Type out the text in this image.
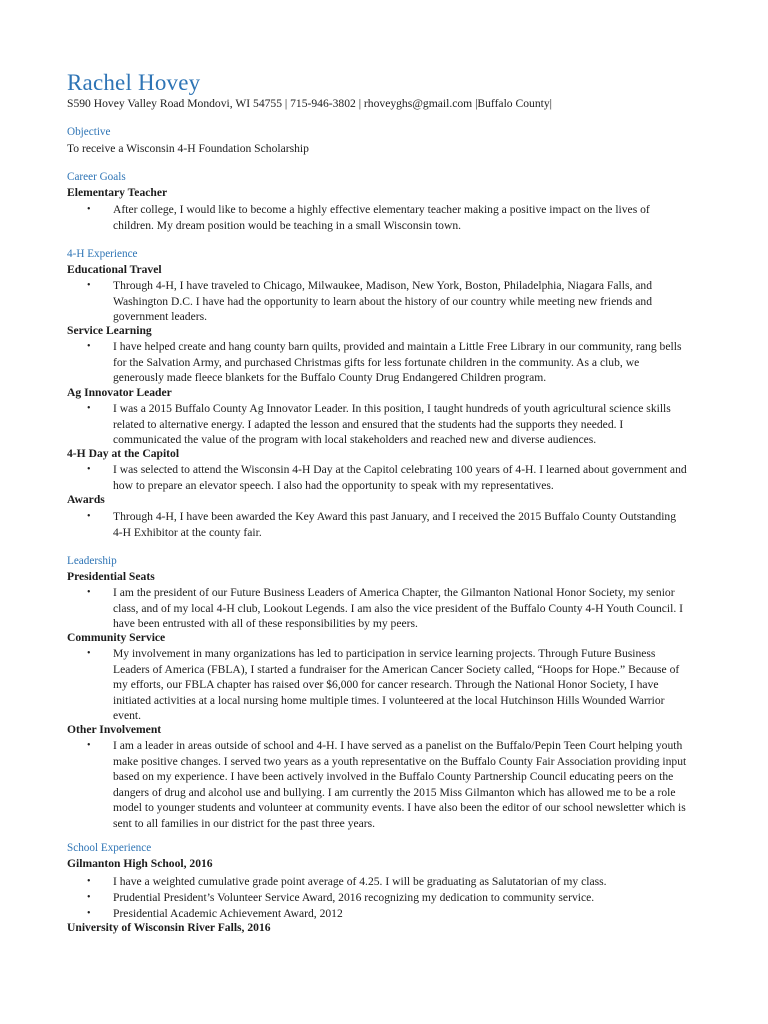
Rachel Hovey
S590 Hovey Valley Road Mondovi, WI 54755 | 715-946-3802 | rhoveyghs@gmail.com |Buffalo County|
Objective
To receive a Wisconsin 4-H Foundation Scholarship
Career Goals
Elementary Teacher
• After college, I would like to become a highly effective elementary teacher making a positive impact on the lives of children. My dream position would be teaching in a small Wisconsin town.
4-H Experience
Educational Travel
• Through 4-H, I have traveled to Chicago, Milwaukee, Madison, New York, Boston, Philadelphia, Niagara Falls, and Washington D.C. I have had the opportunity to learn about the history of our country while meeting new friends and government leaders.
Service Learning
• I have helped create and hang county barn quilts, provided and maintain a Little Free Library in our community, rang bells for the Salvation Army, and purchased Christmas gifts for less fortunate children in the community. As a club, we generously made fleece blankets for the Buffalo County Drug Endangered Children program.
Ag Innovator Leader
• I was a 2015 Buffalo County Ag Innovator Leader. In this position, I taught hundreds of youth agricultural science skills related to alternative energy. I adapted the lesson and ensured that the students had the supports they needed. I communicated the value of the program with local stakeholders and reached new and diverse audiences.
4-H Day at the Capitol
• I was selected to attend the Wisconsin 4-H Day at the Capitol celebrating 100 years of 4-H. I learned about government and how to prepare an elevator speech. I also had the opportunity to speak with my representatives.
Awards
• Through 4-H, I have been awarded the Key Award this past January, and I received the 2015 Buffalo County Outstanding 4-H Exhibitor at the county fair.
Leadership
Presidential Seats
• I am the president of our Future Business Leaders of America Chapter, the Gilmanton National Honor Society, my senior class, and of my local 4-H club, Lookout Legends. I am also the vice president of the Buffalo County 4-H Youth Council. I have been entrusted with all of these responsibilities by my peers.
Community Service
• My involvement in many organizations has led to participation in service learning projects. Through Future Business Leaders of America (FBLA), I started a fundraiser for the American Cancer Society called, “Hoops for Hope.” Because of my efforts, our FBLA chapter has raised over $6,000 for cancer research. Through the National Honor Society, I have initiated activities at a local nursing home multiple times. I volunteered at the local Hutchinson Hills Wounded Warrior event.
Other Involvement
• I am a leader in areas outside of school and 4-H. I have served as a panelist on the Buffalo/Pepin Teen Court helping youth make positive changes. I served two years as a youth representative on the Buffalo County Fair Association providing input based on my experience. I have been actively involved in the Buffalo County Partnership Council educating peers on the dangers of drug and alcohol use and bullying. I am currently the 2015 Miss Gilmanton which has allowed me to be a role model to younger students and volunteer at community events. I have also been the editor of our school newsletter which is sent to all families in our district for the past three years.
School Experience
Gilmanton High School, 2016
• I have a weighted cumulative grade point average of 4.25. I will be graduating as Salutatorian of my class.
• Prudential President’s Volunteer Service Award, 2016 recognizing my dedication to community service.
• Presidential Academic Achievement Award, 2012
University of Wisconsin River Falls, 2016
